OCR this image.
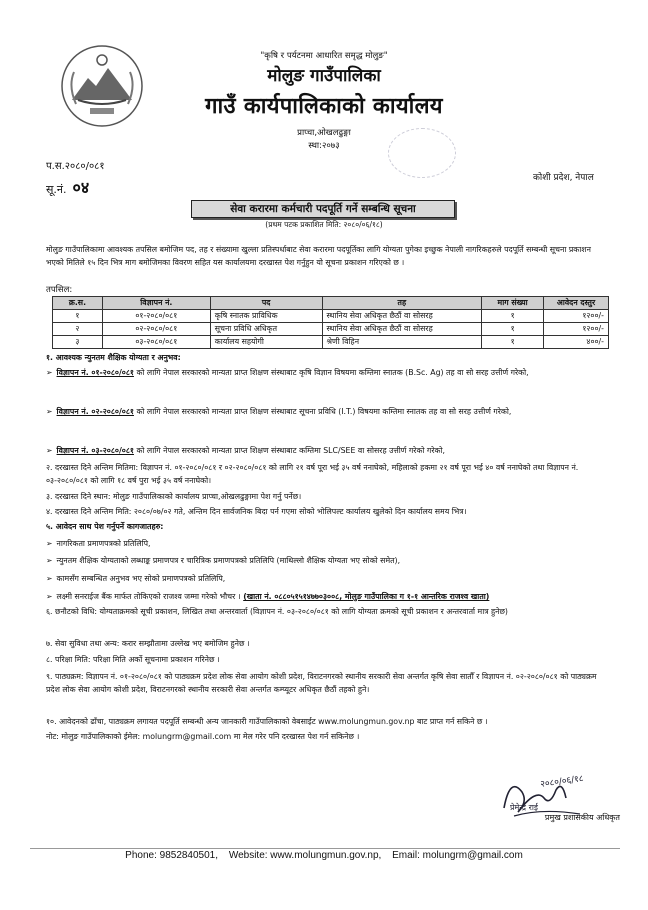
"कृषि र पर्यटनमा आधारित समृद्ध मोलुङ"
मोलुङ गाउँपालिका
गाउँ कार्यपालिकाको कार्यालय
प्राप्चा,ओखलढुङ्गा
स्था:२०७३
प.स.२०८०/०८१
सू.नं. ०४	कोशी प्रदेश, नेपाल
सेवा करारमा कर्मचारी पदपूर्ति गर्ने सम्बन्धि सूचना
(प्रथम पटक प्रकाशित मिति: २०८०/०६/१८)
मोलुङ गाउँपालिकामा आवश्यक तपसिल बमोजिम पद, तह र संख्यामा खुल्ला प्रतिस्पर्धाबाट सेवा करारमा पदपूर्तिका लागि योग्यता पुगेका इच्छुक नेपाली नागरिकहरुले पदपूर्ति सम्बन्धी सूचना प्रकाशन भएको मितिले १५ दिन भित्र माग बमोजिमका विवरण सहित यस कार्यालयमा दरखास्त पेश गर्नुहुन यो सूचना प्रकाशन गरिएको छ ।
तपसिल:
क्र.स.	विज्ञापन नं.	पद	तह	माग संख्या	आवेदन दस्तुर
१	०१-२०८०/०८१	कृषि स्नातक प्राविधिक	स्थानिय सेवा अधिकृत छैठौं वा सोसरह	१	१२००/-
२	०२-२०८०/०८१	सूचना प्रविधि अधिकृत	स्थानिय सेवा अधिकृत छैठौं वा सोसरह	१	१२००/-
३	०३-२०८०/०८१	कार्यालय सहयोगी	श्रेणी विहिन	१	४००/-
१. आवश्यक न्युनतम शैक्षिक योग्यता र अनुभव:
➢ विज्ञापन नं. ०१-२०८०/०८१ को लागि नेपाल सरकारको मान्यता प्राप्त शिक्षण संस्थाबाट कृषि विज्ञान विषयमा कम्तिमा स्नातक (B.Sc. Ag) तह वा सो सरह उत्तीर्ण गरेको,
➢ विज्ञापन नं. ०२-२०८०/०८१ को लागि नेपाल सरकारको मान्यता प्राप्त शिक्षण संस्थाबाट सूचना प्रविधि (I.T.) विषयमा कम्तिमा स्नातक तह वा सो सरह उत्तीर्ण गरेको,
➢ विज्ञापन नं. ०३-२०८०/०८१ को लागि नेपाल सरकारको मान्यता प्राप्त शिक्षण संस्थाबाट कम्तिमा SLC/SEE वा सोसरह उत्तीर्ण गरेको गरेको,
२. दरखास्त दिने अन्तिम मितिमा: विज्ञापन नं. ०१-२०८०/०८१ र ०२-२०८०/०८१ को लागि २१ वर्ष पूरा भई ३५ वर्ष ननाघेको, महिलाको हकमा २१ वर्ष पूरा भई ४० वर्ष ननाघेको तथा विज्ञापन नं. ०३-२०८०/०८१ को लागि १८ वर्ष पुरा भई ३५ वर्ष ननाघेको।
३. दरखास्त दिने स्थान: मोलुङ गाउँपालिकाको कार्यालय प्राप्चा,ओखलढुङ्गामा पेश गर्नु पर्नेछ।
४. दरखास्त दिने अन्तिम मिति: २०८०/०७/०२ गते, अन्तिम दिन सार्वजनिक बिदा पर्न गएमा सोको भोलिपल्ट कार्यालय खुलेको दिन कार्यालय समय भित्र।
५. आवेदन साथ पेश गर्नुपर्ने कागजातहरु:
➢ नागरिकता प्रमाणपत्रको प्रतिलिपि,
➢ न्युनतम शैक्षिक योग्यताको लब्धाङ्क प्रमाणपत्र र चारित्रिक प्रमाणपत्रको प्रतिलिपि (माथिल्लो शैक्षिक योग्यता भए सोको समेत),
➢ कामसँग सम्बन्धित अनुभव भए सोको प्रमाणपत्रको प्रतिलिपि,
➢ लक्ष्मी सनराईज बैंक मार्फत तोकिएको राजश्व जम्मा गरेको भौचर । (खाता नं. ०८८०५१५१४७७०३००८, मोलुङ गाउँपालिका ग १-१ आन्तरिक राजश्व खाता)
६. छनौटको विधि: योग्यताक्रमको सूची प्रकाशन, लिखित तथा अन्तरवार्ता (विज्ञापन नं. ०३-२०८०/०८१ को लागि योग्यता क्रमको सूची प्रकाशन र अन्तरवार्ता मात्र हुनेछ)
७. सेवा सुविधा तथा अन्य: करार सम्झौतामा उल्लेख भए बमोजिम हुनेछ ।
८. परिक्षा मिति: परिक्षा मिति अर्को सूचनामा प्रकाशन गरिनेछ ।
९. पाठ्यक्रम: विज्ञापन नं. ०१-२०८०/०८१ को पाठ्यक्रम प्रदेश लोक सेवा आयोग कोशी प्रदेश, विराटनगरको स्थानीय सरकारी सेवा अन्तर्गत कृषि सेवा सातौँ र विज्ञापन नं. ०२-२०८०/०८१ को पाठ्यक्रम प्रदेश लोक सेवा आयोग कोशी प्रदेश, विराटनगरको स्थानीय सरकारी सेवा अन्तर्गत कम्प्यूटर अधिकृत छैठौं तहको हुने।
१०. आवेदनको ढाँचा, पाठ्यक्रम लगायत पदपूर्ति सम्बन्धी अन्य जानकारी गाउँपालिकाको वेबसाईट www.molungmun.gov.np बाट प्राप्त गर्न सकिने छ ।
नोट: मोलुङ गाउँपालिकाको ईमेल: molungrm@gmail.com मा मेल गरेर पनि दरखास्त पेश गर्न सकिनेछ ।
२०८०/०६/१८
प्रेमेन्द्र राई
प्रमुख प्रशासकीय अधिकृत
Phone: 9852840501, Website: www.molungmun.gov.np, Email: molungrm@gmail.com
